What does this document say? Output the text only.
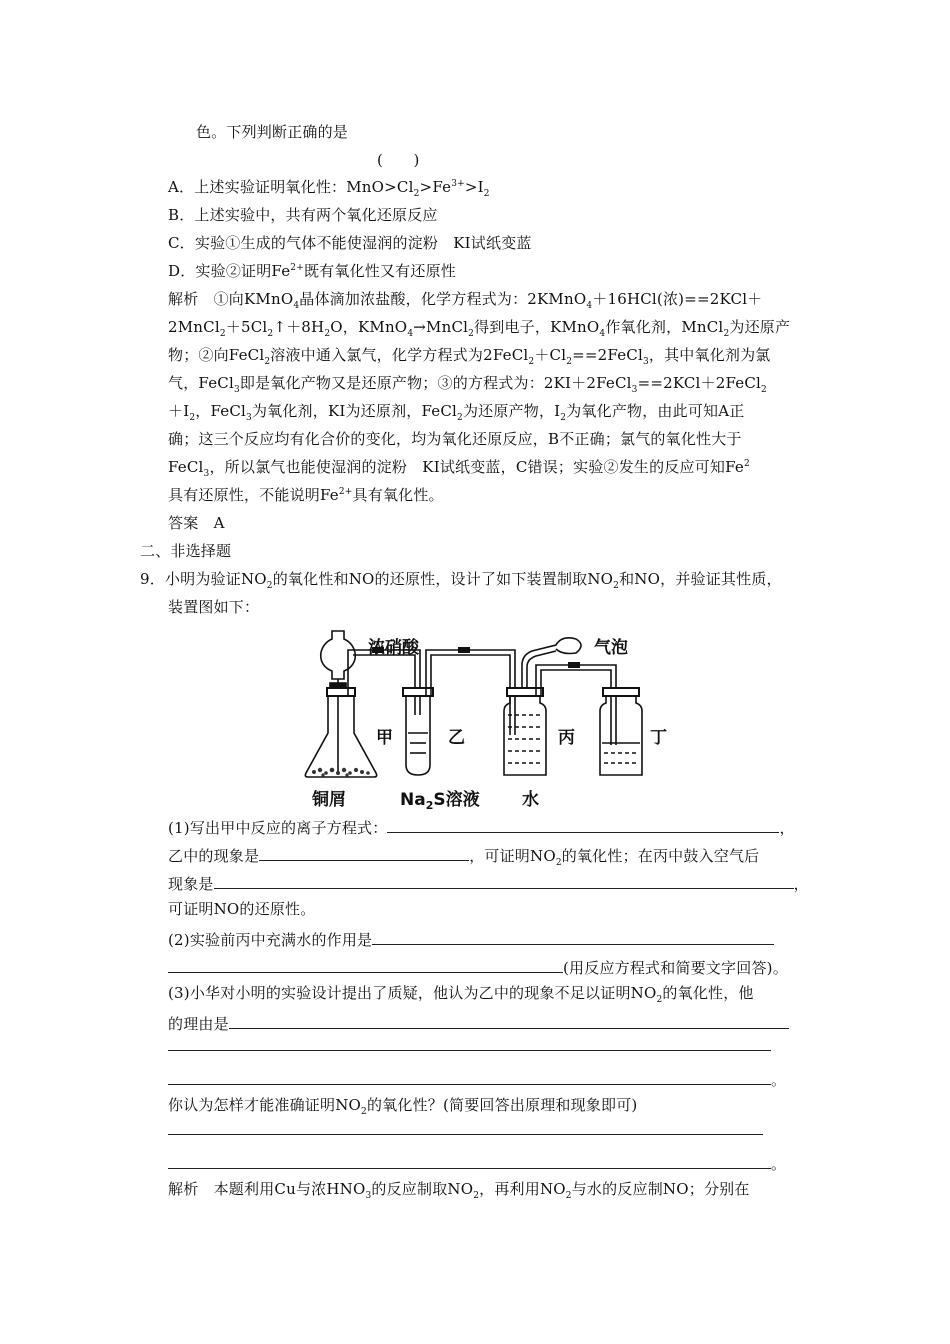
色。下列判断正确的是
(　　)
A．上述实验证明氧化性：$MnO>Cl_2>Fe^{3+}>I_2$
B．上述实验中，共有两个氧化还原反应
C．实验①生成的气体不能使湿润的淀粉　KI试纸变蓝
D．实验②证明$Fe^{2+}$既有氧化性又有还原性
解析　①向KMnO$_4$晶体滴加浓盐酸，化学方程式为：2KMnO$_4$＋16HCl(浓)==2KCl＋
$2MnCl_2+5Cl_2↑+8H_2O$，KMnO$_4$→MnCl$_2$得到电子，KMnO$_4$作氧化剂，MnCl$_2$为还原产
物；②向FeCl$_2$溶液中通入氯气，化学方程式为$2FeCl_2+Cl_2==2FeCl_3$，其中氧化剂为氯
气，FeCl$_3$即是氧化产物又是还原产物；③的方程式为：2KI＋2FeCl$_3$==2KCl＋2FeCl$_2$
$+I_2$，FeCl$_3$为氧化剂，KI为还原剂，FeCl$_2$为还原产物，$I_2$为氧化产物，由此可知A正
确；这三个反应均有化合价的变化，均为氧化还原反应，B不正确；氯气的氧化性大于
FeCl$_3$，所以氯气也能使湿润的淀粉　KI试纸变蓝，C错误；实验②发生的反应可知Fe$^2$
具有还原性，不能说明$Fe^{2+}$具有氧化性。
答案　A
二、非选择题
9．小明为验证$NO_2$的氧化性和NO的还原性，设计了如下装置制取$NO_2$和NO，并验证其性质，
装置图如下：
浓硝酸	气泡
甲	乙	丙	丁
铜屑	$Na_2S$溶液 水
(1)写出甲中反应的离子方程式：	，
乙中的现象是	，可证明$NO_2$的氧化性；在丙中鼓入空气后
现象是	，
可证明NO的还原性。
(2)实验前丙中充满水的作用是
(用反应方程式和简要文字回答)。
(3)小华对小明的实验设计提出了质疑，他认为乙中的现象不足以证明$NO_2$的氧化性，他
的理由是
。
你认为怎样才能准确证明$NO_2$的氧化性？(简要回答出原理和现象即可)
。
解析　本题利用Cu与浓$HNO_3$的反应制取$NO_2$，再利用$NO_2$与水的反应制NO；分别在
